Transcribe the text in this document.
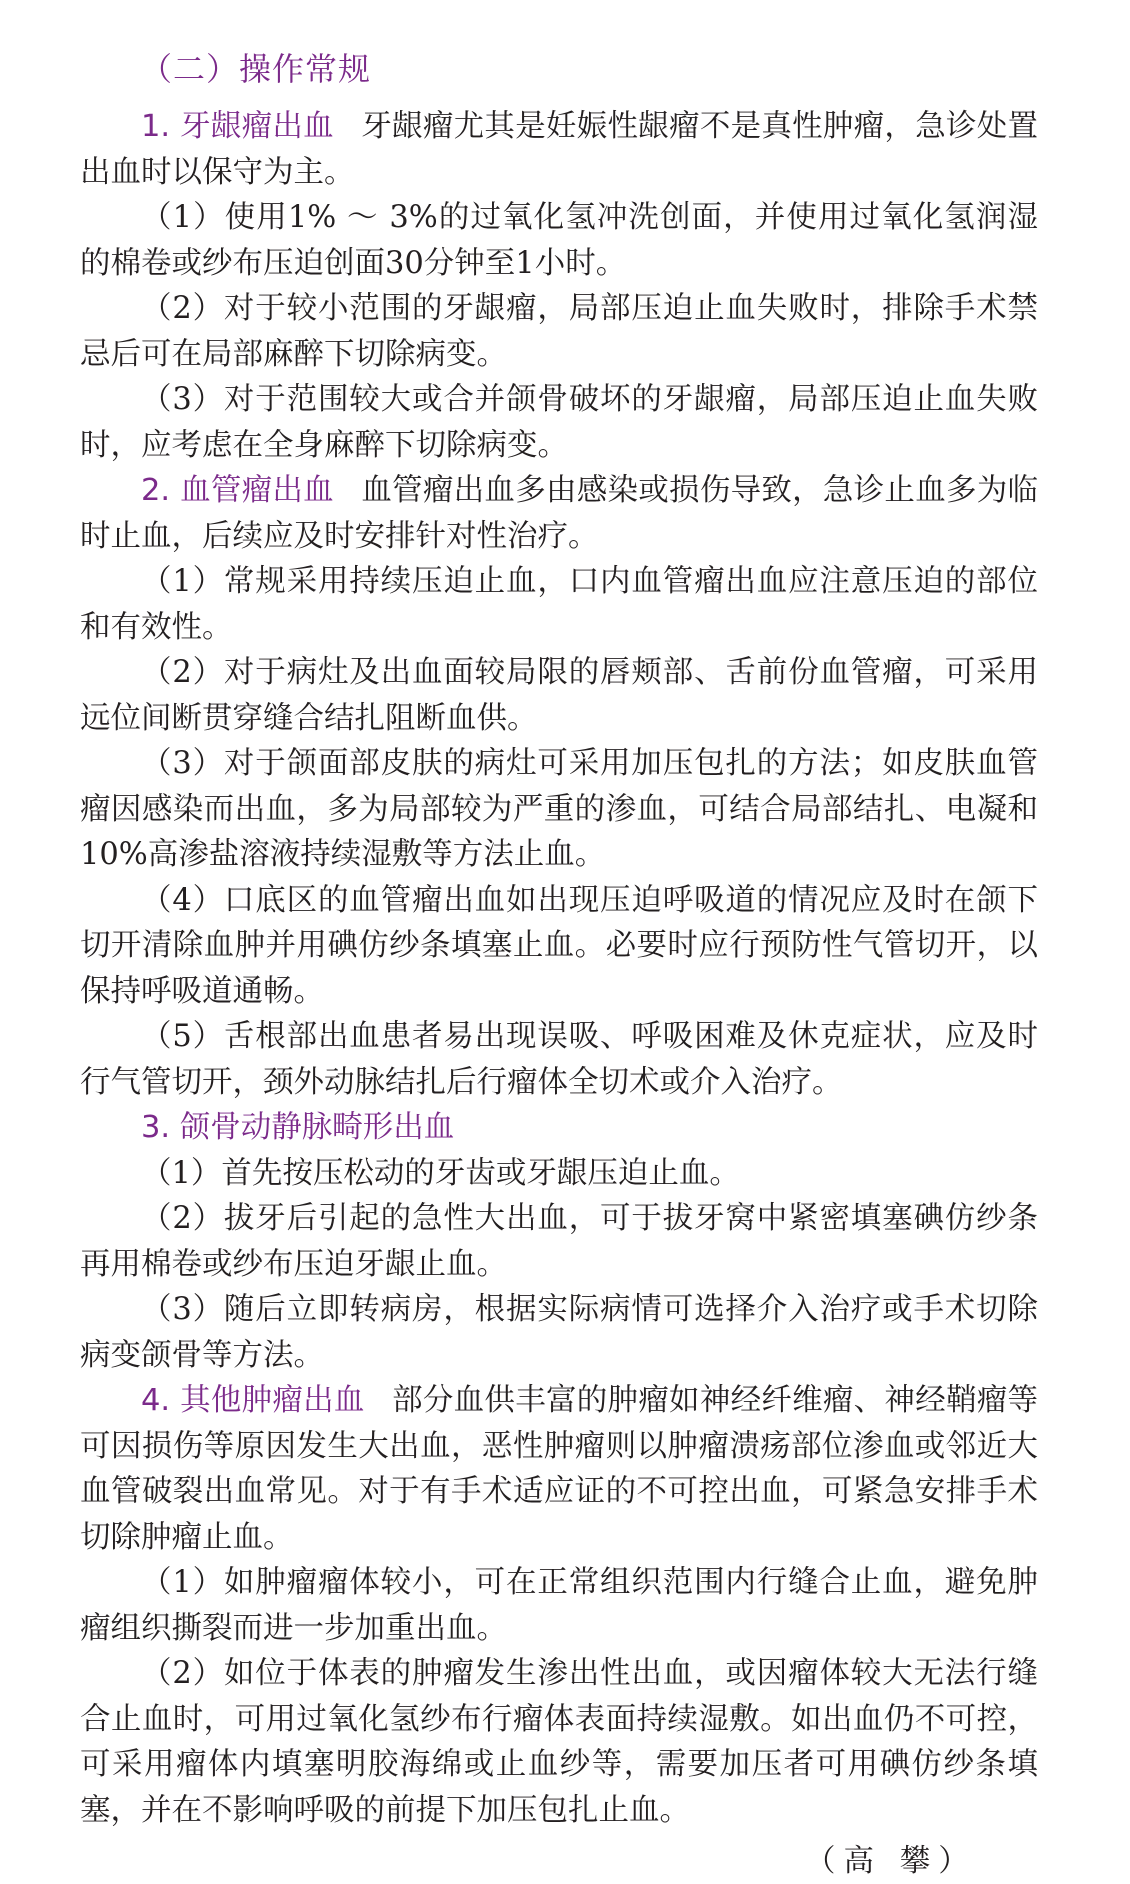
（二）操作常规

1. 牙龈瘤出血 牙龈瘤尤其是妊娠性龈瘤不是真性肿瘤，急诊处置出血时以保守为主。

（1）使用1% ～ 3%的过氧化氢冲洗创面，并使用过氧化氢润湿的棉卷或纱布压迫创面30分钟至1小时。

（2）对于较小范围的牙龈瘤，局部压迫止血失败时，排除手术禁忌后可在局部麻醉下切除病变。

（3）对于范围较大或合并颌骨破坏的牙龈瘤，局部压迫止血失败时，应考虑在全身麻醉下切除病变。

2. 血管瘤出血 血管瘤出血多由感染或损伤导致，急诊止血多为临时止血，后续应及时安排针对性治疗。

（1）常规采用持续压迫止血，口内血管瘤出血应注意压迫的部位和有效性。

（2）对于病灶及出血面较局限的唇颊部、舌前份血管瘤，可采用远位间断贯穿缝合结扎阻断血供。

（3）对于颌面部皮肤的病灶可采用加压包扎的方法；如皮肤血管瘤因感染而出血，多为局部较为严重的渗血，可结合局部结扎、电凝和10%高渗盐溶液持续湿敷等方法止血。

（4）口底区的血管瘤出血如出现压迫呼吸道的情况应及时在颌下切开清除血肿并用碘仿纱条填塞止血。必要时应行预防性气管切开，以保持呼吸道通畅。

（5）舌根部出血患者易出现误吸、呼吸困难及休克症状，应及时行气管切开，颈外动脉结扎后行瘤体全切术或介入治疗。

3. 颌骨动静脉畸形出血

（1）首先按压松动的牙齿或牙龈压迫止血。

（2）拔牙后引起的急性大出血，可于拔牙窝中紧密填塞碘仿纱条再用棉卷或纱布压迫牙龈止血。

（3）随后立即转病房，根据实际病情可选择介入治疗或手术切除病变颌骨等方法。

4. 其他肿瘤出血 部分血供丰富的肿瘤如神经纤维瘤、神经鞘瘤等可因损伤等原因发生大出血，恶性肿瘤则以肿瘤溃疡部位渗血或邻近大血管破裂出血常见。对于有手术适应证的不可控出血，可紧急安排手术切除肿瘤止血。

（1）如肿瘤瘤体较小，可在正常组织范围内行缝合止血，避免肿瘤组织撕裂而进一步加重出血。

（2）如位于体表的肿瘤发生渗出性出血，或因瘤体较大无法行缝合止血时，可用过氧化氢纱布行瘤体表面持续湿敷。如出血仍不可控，可采用瘤体内填塞明胶海绵或止血纱等，需要加压者可用碘仿纱条填塞，并在不影响呼吸的前提下加压包扎止血。

（高 攀）
